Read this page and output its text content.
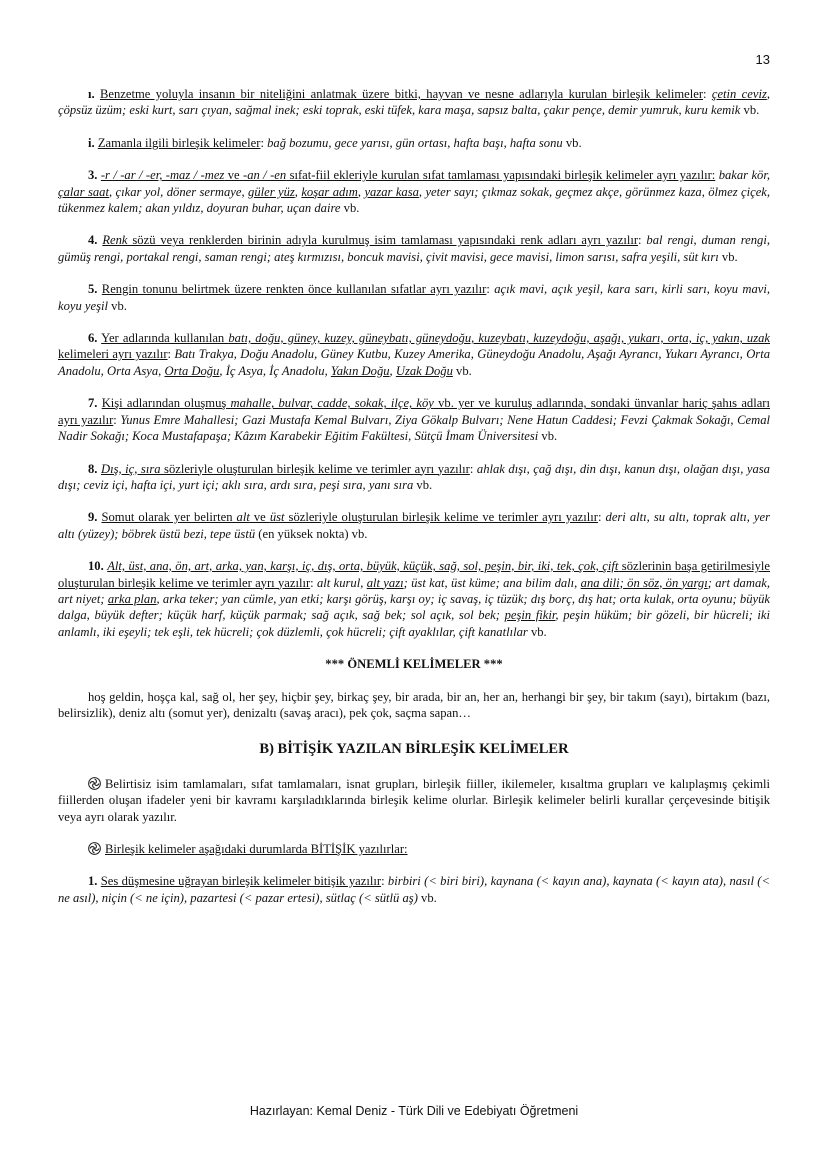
13

ı. Benzetme yoluyla insanın bir niteliğini anlatmak üzere bitki, hayvan ve nesne adlarıyla kurulan birleşik kelimeler: çetin ceviz, çöpsüz üzüm; eski kurt, sarı çıyan, sağmal inek; eski toprak, eski tüfek, kara maşa, sapsız balta, çakır pençe, demir yumruk, kuru kemik vb.

i. Zamanla ilgili birleşik kelimeler: bağ bozumu, gece yarısı, gün ortası, hafta başı, hafta sonu vb.

3. -r / -ar / -er, -maz / -mez ve -an / -en sıfat-fiil ekleriyle kurulan sıfat tamlaması yapısındaki birleşik kelimeler ayrı yazılır: bakar kör, çalar saat, çıkar yol, döner sermaye, güler yüz, koşar adım, yazar kasa, yeter sayı; çıkmaz sokak, geçmez akçe, görünmez kaza, ölmez çiçek, tükenmez kalem; akan yıldız, doyuran buhar, uçan daire vb.

4. Renk sözü veya renklerden birinin adıyla kurulmuş isim tamlaması yapısındaki renk adları ayrı yazılır: bal rengi, duman rengi, gümüş rengi, portakal rengi, saman rengi; ateş kırmızısı, boncuk mavisi, çivit mavisi, gece mavisi, limon sarısı, safra yeşili, süt kırı vb.

5. Rengin tonunu belirtmek üzere renkten önce kullanılan sıfatlar ayrı yazılır: açık mavi, açık yeşil, kara sarı, kirli sarı, koyu mavi, koyu yeşil vb.

6. Yer adlarında kullanılan batı, doğu, güney, kuzey, güneybatı, güneydoğu, kuzeybatı, kuzeydoğu, aşağı, yukarı, orta, iç, yakın, uzak kelimeleri ayrı yazılır: Batı Trakya, Doğu Anadolu, Güney Kutbu, Kuzey Amerika, Güneydoğu Anadolu, Aşağı Ayrancı, Yukarı Ayrancı, Orta Anadolu, Orta Asya, Orta Doğu, İç Asya, İç Anadolu, Yakın Doğu, Uzak Doğu vb.

7. Kişi adlarından oluşmuş mahalle, bulvar, cadde, sokak, ilçe, köy vb. yer ve kuruluş adlarında, sondaki ünvanlar hariç şahıs adları ayrı yazılır: Yunus Emre Mahallesi; Gazi Mustafa Kemal Bulvarı, Ziya Gökalp Bulvarı; Nene Hatun Caddesi; Fevzi Çakmak Sokağı, Cemal Nadir Sokağı; Koca Mustafapaşa; Kâzım Karabekir Eğitim Fakültesi, Sütçü İmam Üniversitesi vb.

8. Dış, iç, sıra sözleriyle oluşturulan birleşik kelime ve terimler ayrı yazılır: ahlak dışı, çağ dışı, din dışı, kanun dışı, olağan dışı, yasa dışı; ceviz içi, hafta içi, yurt içi; aklı sıra, ardı sıra, peşi sıra, yanı sıra vb.

9. Somut olarak yer belirten alt ve üst sözleriyle oluşturulan birleşik kelime ve terimler ayrı yazılır: deri altı, su altı, toprak altı, yer altı (yüzey); böbrek üstü bezi, tepe üstü (en yüksek nokta) vb.

10. Alt, üst, ana, ön, art, arka, yan, karşı, iç, dış, orta, büyük, küçük, sağ, sol, peşin, bir, iki, tek, çok, çift sözlerinin başa getirilmesiyle oluşturulan birleşik kelime ve terimler ayrı yazılır: alt kurul, alt yazı; üst kat, üst küme; ana bilim dalı, ana dili; ön söz, ön yargı; art damak, art niyet; arka plan, arka teker; yan cümle, yan etki; karşı görüş, karşı oy; iç savaş, iç tüzük; dış borç, dış hat; orta kulak, orta oyunu; büyük dalga, büyük defter; küçük harf, küçük parmak; sağ açık, sağ bek; sol açık, sol bek; peşin fikir, peşin hüküm; bir gözeli, bir hücreli; iki anlamlı, iki eşeyli; tek eşli, tek hücreli; çok düzlemli, çok hücreli; çift ayaklılar, çift kanatlılar vb.

*** ÖNEMLİ KELİMELER ***

hoş geldin, hoşça kal, sağ ol, her şey, hiçbir şey, birkaç şey, bir arada, bir an, her an, herhangi bir şey, bir takım (sayı), birtakım (bazı, belirsizlik), deniz altı (somut yer), denizaltı (savaş aracı), pek çok, saçma sapan…

B) BİTİŞİK YAZILAN BİRLEŞİK KELİMELER

Belirtisiz isim tamlamaları, sıfat tamlamaları, isnat grupları, birleşik fiiller, ikilemeler, kısaltma grupları ve kalıplaşmış çekimli fiillerden oluşan ifadeler yeni bir kavramı karşıladıklarında birleşik kelime olurlar. Birleşik kelimeler belirli kurallar çerçevesinde bitişik veya ayrı olarak yazılır.

Birleşik kelimeler aşağıdaki durumlarda BİTİŞİK yazılırlar:

1. Ses düşmesine uğrayan birleşik kelimeler bitişik yazılır: birbiri (< biri biri), kaynana (< kayın ana), kaynata (< kayın ata), nasıl (< ne asıl), niçin (< ne için), pazartesi (< pazar ertesi), sütlaç (< sütlü aş) vb.

Hazırlayan: Kemal Deniz - Türk Dili ve Edebiyatı Öğretmeni
